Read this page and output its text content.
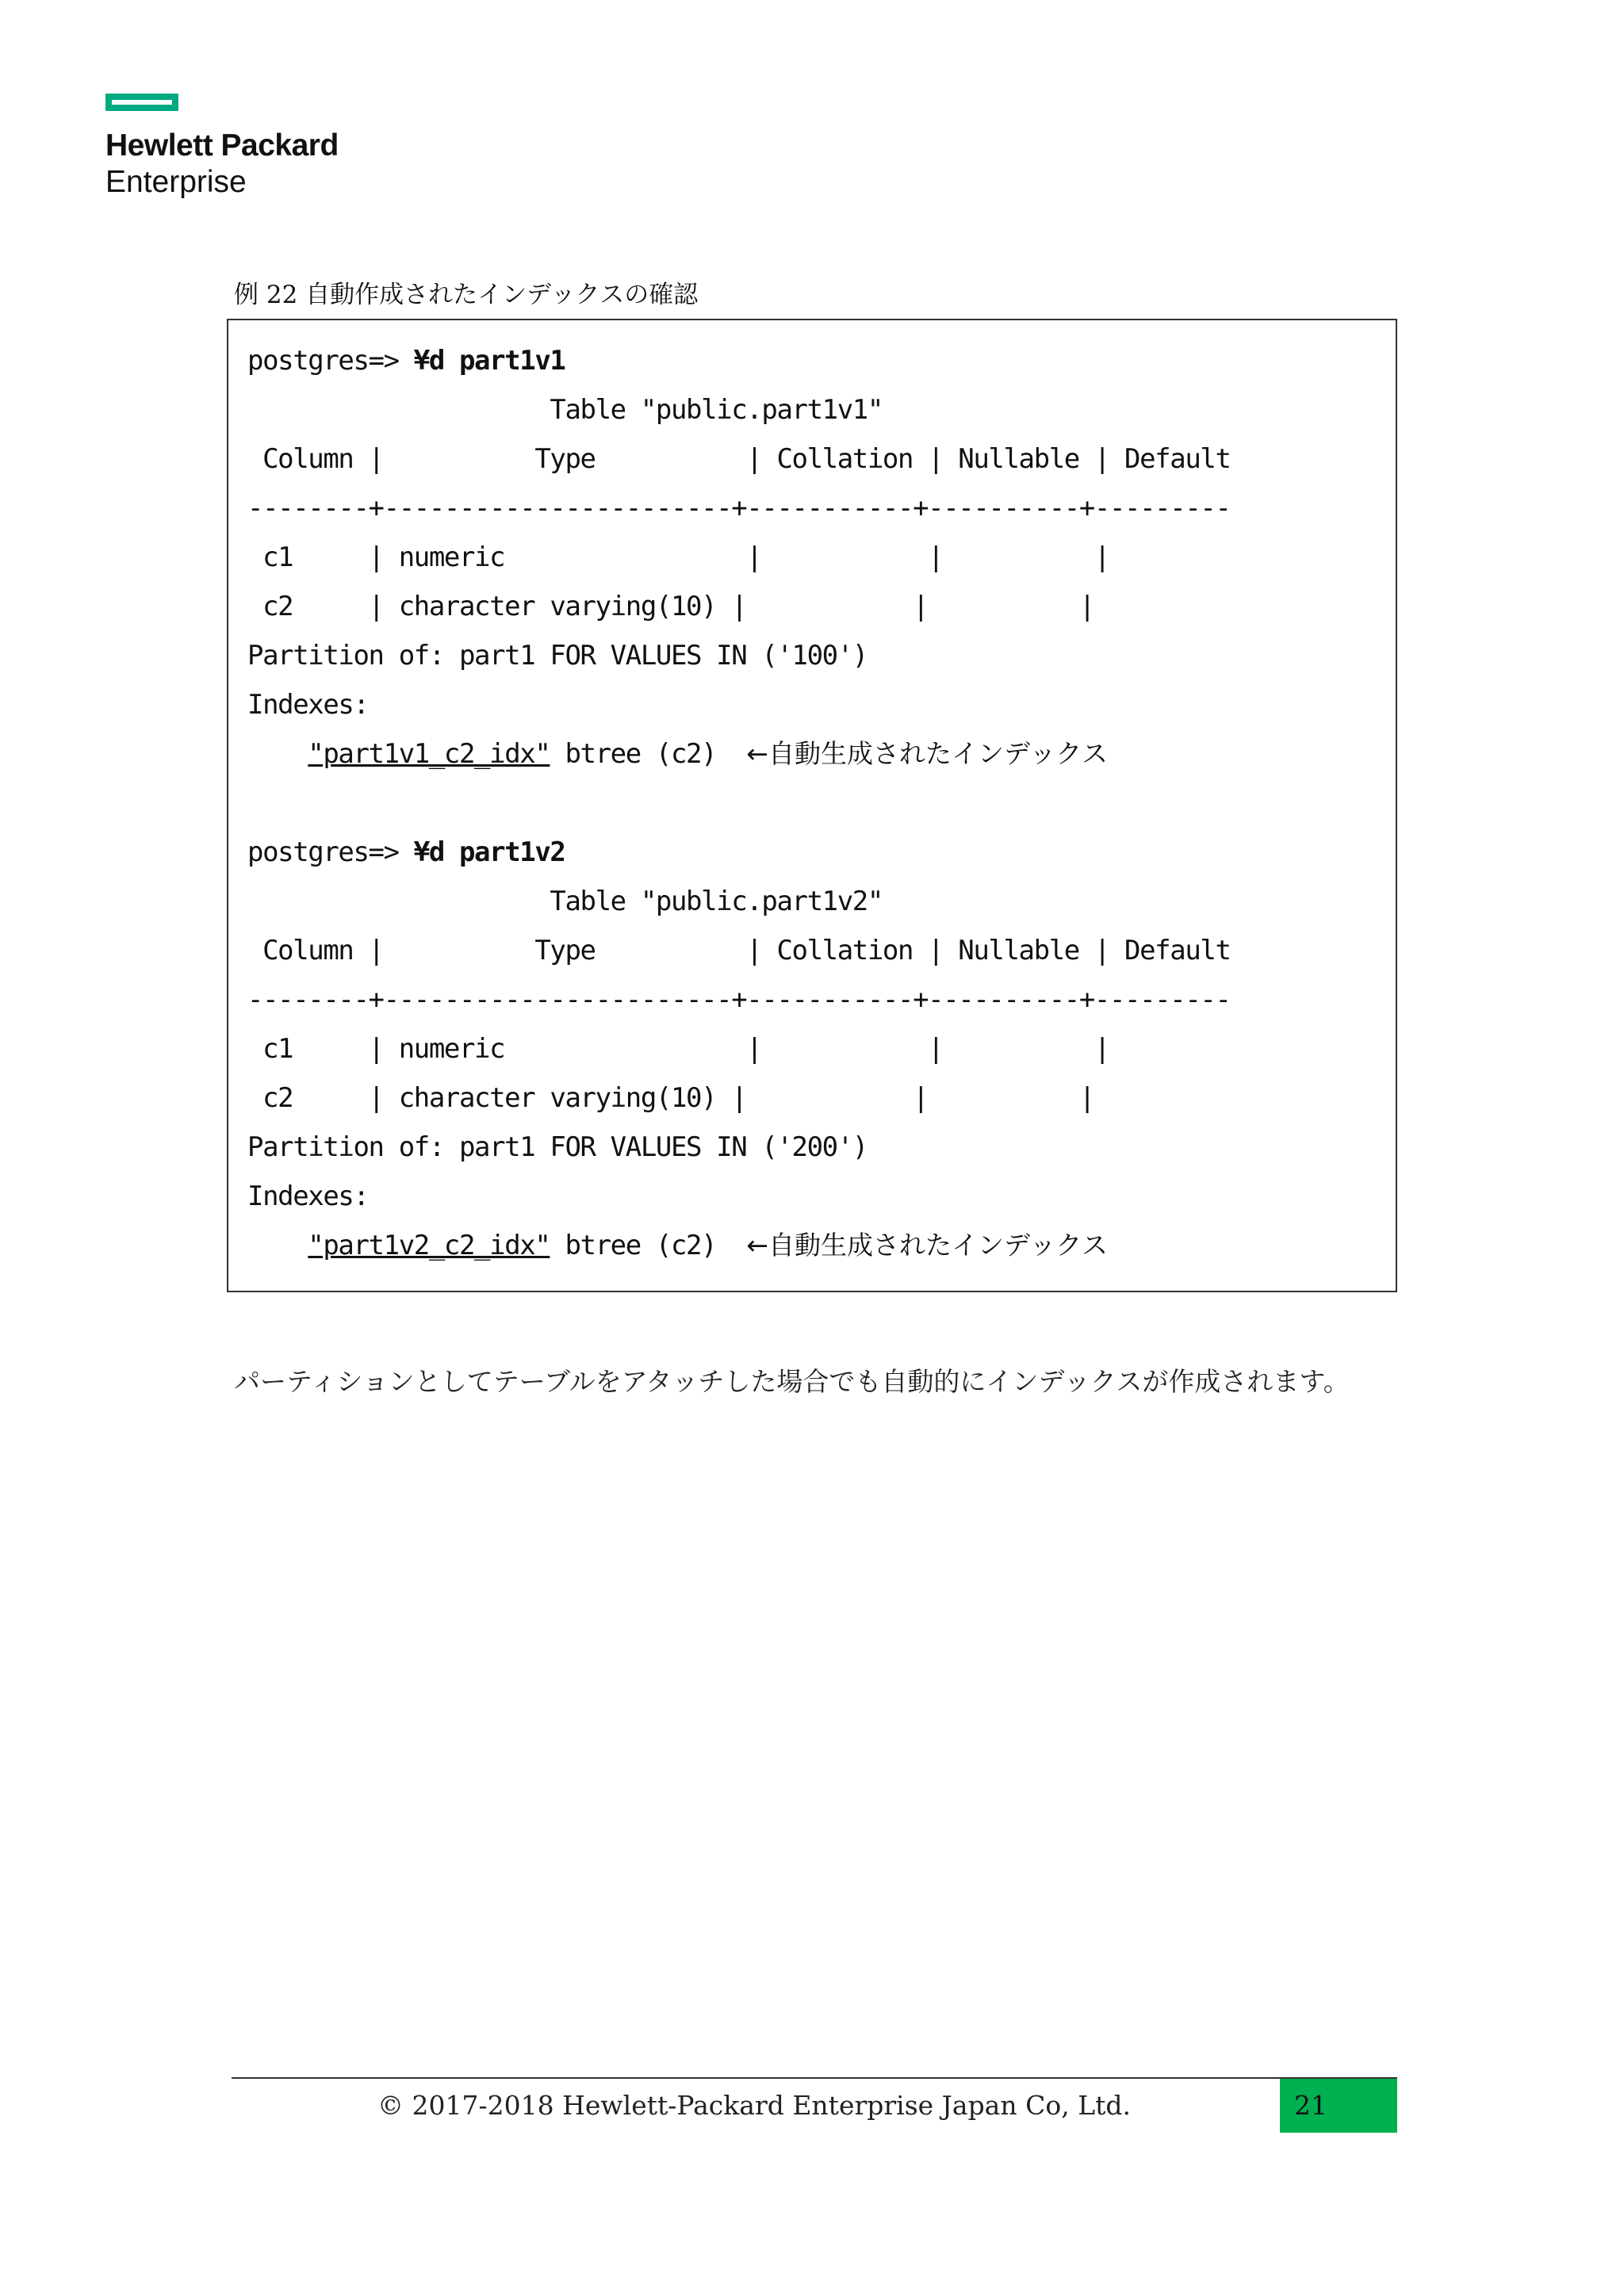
Hewlett Packard
Enterprise
例 22 自動作成されたインデックスの確認
postgres=> ¥d part1v1
Table "public.part1v1"
Column |          Type          | Collation | Nullable | Default
--------+-----------------------+-----------+----------+---------
c1     | numeric                |           |          |
c2     | character varying(10) |           |          |
Partition of: part1 FOR VALUES IN ('100')
Indexes:
"part1v1_c2_idx" btree (c2)  ←自動生成されたインデックス

postgres=> ¥d part1v2
Table "public.part1v2"
Column |          Type          | Collation | Nullable | Default
--------+-----------------------+-----------+----------+---------
c1     | numeric                |           |          |
c2     | character varying(10) |           |          |
Partition of: part1 FOR VALUES IN ('200')
Indexes:
"part1v2_c2_idx" btree (c2)  ←自動生成されたインデックス
パーティションとしてテーブルをアタッチした場合でも自動的にインデックスが作成されます。
© 2017-2018 Hewlett-Packard Enterprise Japan Co, Ltd.	21
